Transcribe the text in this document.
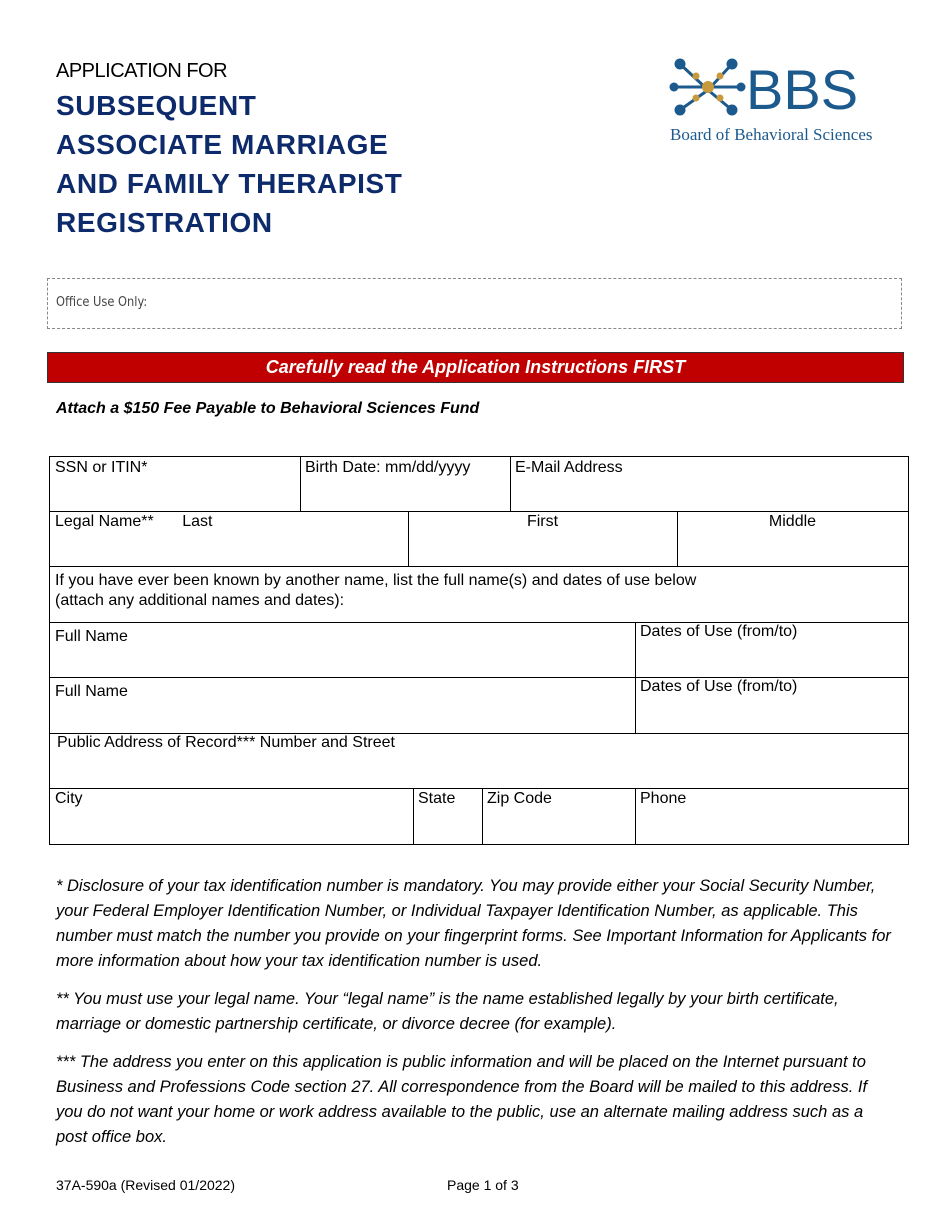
APPLICATION FOR
SUBSEQUENT
ASSOCIATE MARRIAGE
AND FAMILY THERAPIST
REGISTRATION
BBS
Board of Behavioral Sciences
Office Use Only:
Carefully read the Application Instructions FIRST
Attach a $150 Fee Payable to Behavioral Sciences Fund
SSN or ITIN*	Birth Date: mm/dd/yyyy	E-Mail Address
Legal Name** Last	First	Middle
If you have ever been known by another name, list the full name(s) and dates of use below
(attach any additional names and dates):
Full Name	Dates of Use (from/to)
Full Name	Dates of Use (from/to)
Public Address of Record*** Number and Street
City	State	Zip Code	Phone
* Disclosure of your tax identification number is mandatory. You may provide either your Social Security Number, your Federal Employer Identification Number, or Individual Taxpayer Identification Number, as applicable. This number must match the number you provide on your fingerprint forms. See Important Information for Applicants for more information about how your tax identification number is used.
** You must use your legal name. Your “legal name” is the name established legally by your birth certificate, marriage or domestic partnership certificate, or divorce decree (for example).
*** The address you enter on this application is public information and will be placed on the Internet pursuant to Business and Professions Code section 27. All correspondence from the Board will be mailed to this address. If you do not want your home or work address available to the public, use an alternate mailing address such as a post office box.
37A-590a (Revised 01/2022)	Page 1 of 3
